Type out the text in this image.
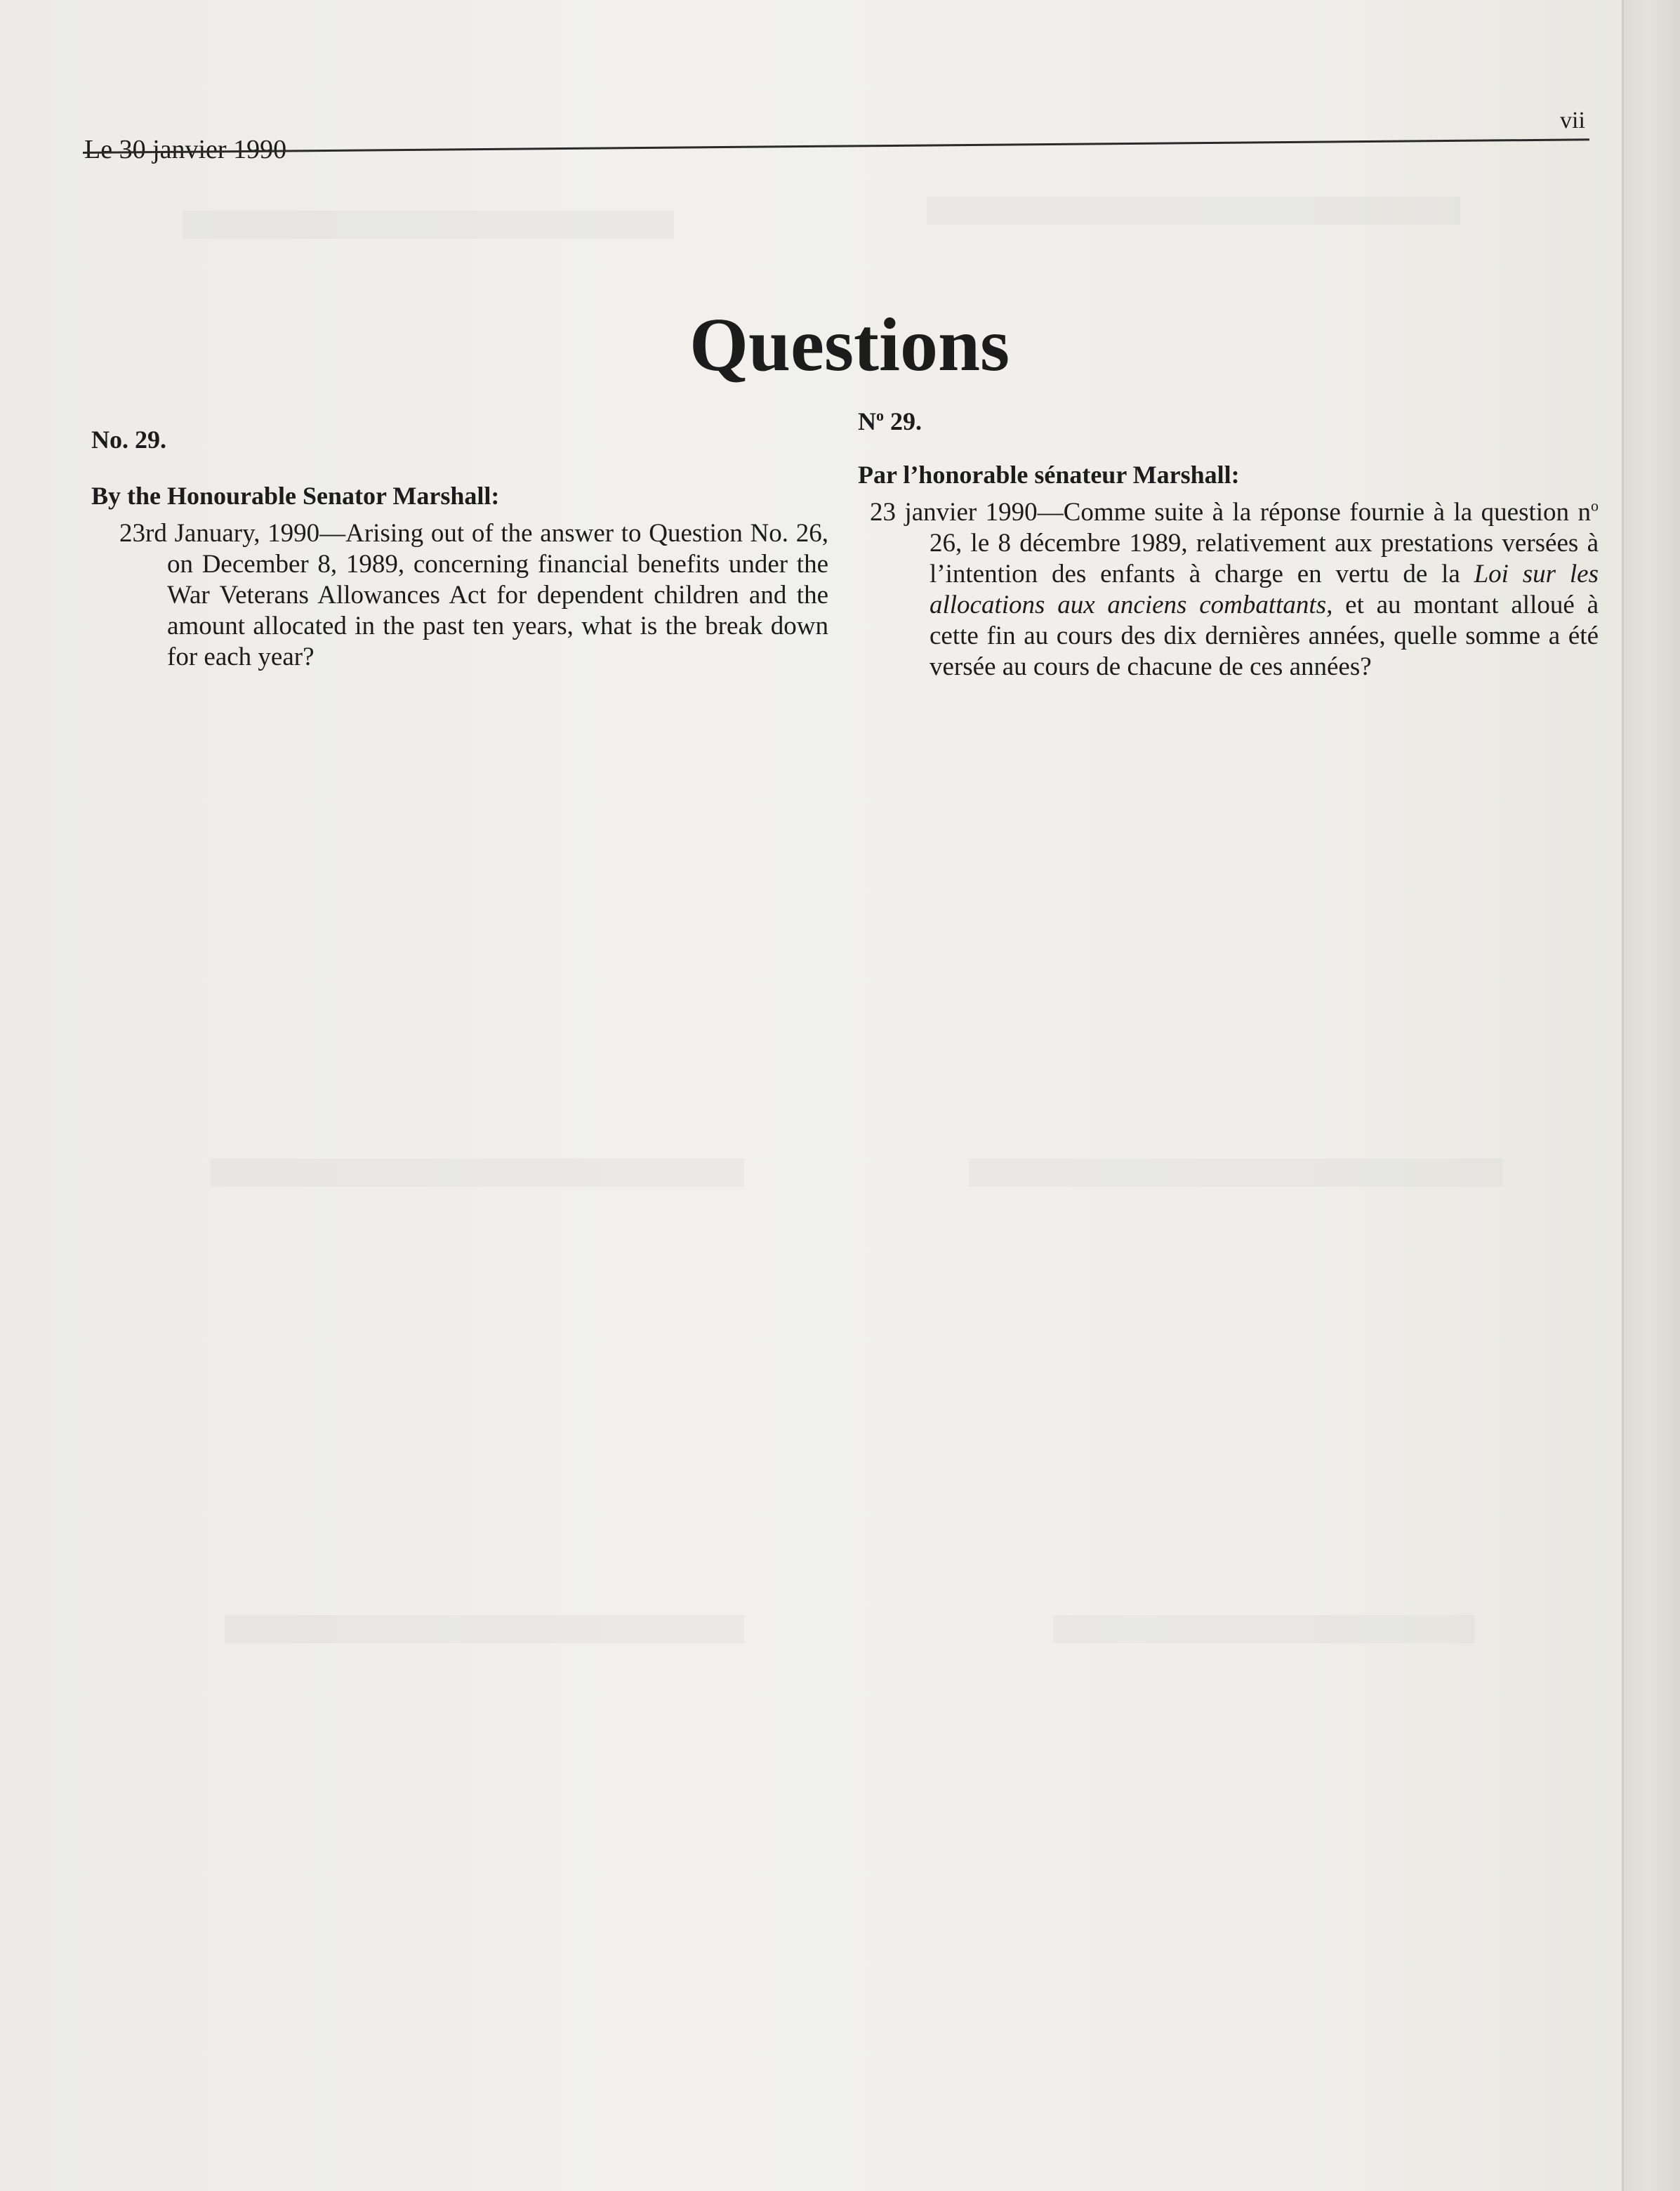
Le 30 janvier 1990
vii
Questions

No. 29.

By the Honourable Senator Marshall:

23rd January, 1990—Arising out of the answer to Question No. 26, on December 8, 1989, concerning financial benefits under the War Veterans Allowances Act for dependent children and the amount allocated in the past ten years, what is the break down for each year?

$N^o$ 29.

Par l’honorable sénateur Marshall:

23 janvier 1990—Comme suite à la réponse fournie à la question $n^o$ 26, le 8 décembre 1989, relativement aux prestations versées à l’intention des enfants à charge en vertu de la Loi sur les allocations aux anciens combattants, et au montant alloué à cette fin au cours des dix dernières années, quelle somme a été versée au cours de chacune de ces années?
